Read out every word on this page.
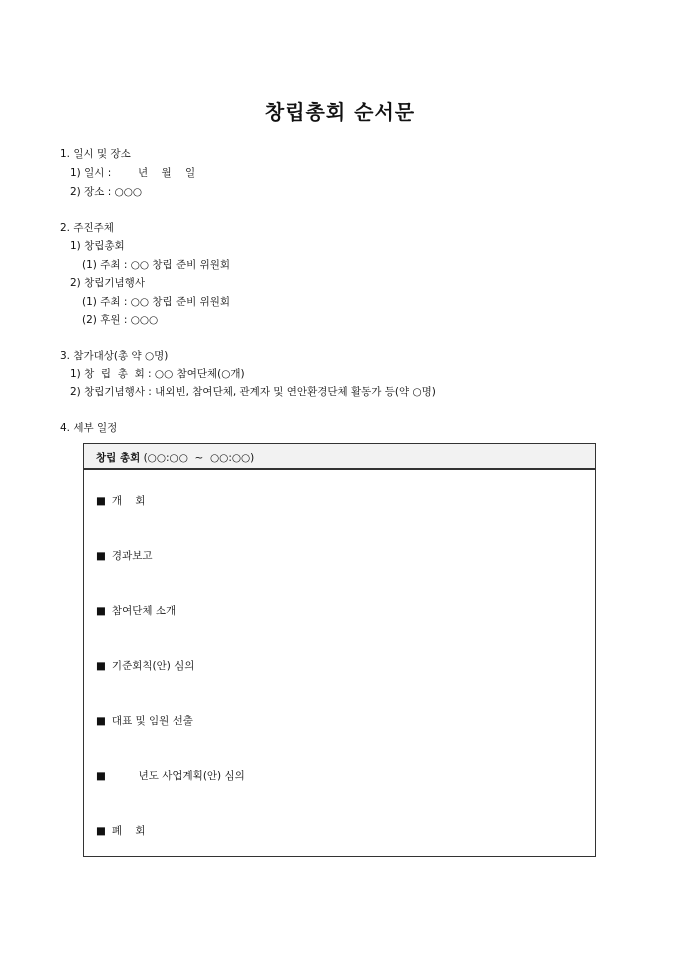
창립총회 순서문
1. 일시 및 장소
1) 일시 :        년    월    일
2) 장소 : ○○○
2. 주진주체
1) 창립총회
(1) 주최 : ○○ 창립 준비 위원회
2) 창립기념행사
(1) 주최 : ○○ 창립 준비 위원회
(2) 후원 : ○○○
3. 참가대상(총 약 ○명)
1) 창  립  총  회 : ○○ 참여단체(○개)
2) 창립기념행사 : 내외빈, 참여단체, 관계자 및 연안환경단체 활동가 등(약 ○명)
4. 세부 일정
창립 총회 (○○:○○  ~  ○○:○○)
■ 개    회
■ 경과보고
■ 참여단체 소개
■ 기준회칙(안) 심의
■ 대표 및 임원 선출
■        년도 사업계획(안) 심의
■ 폐    회
